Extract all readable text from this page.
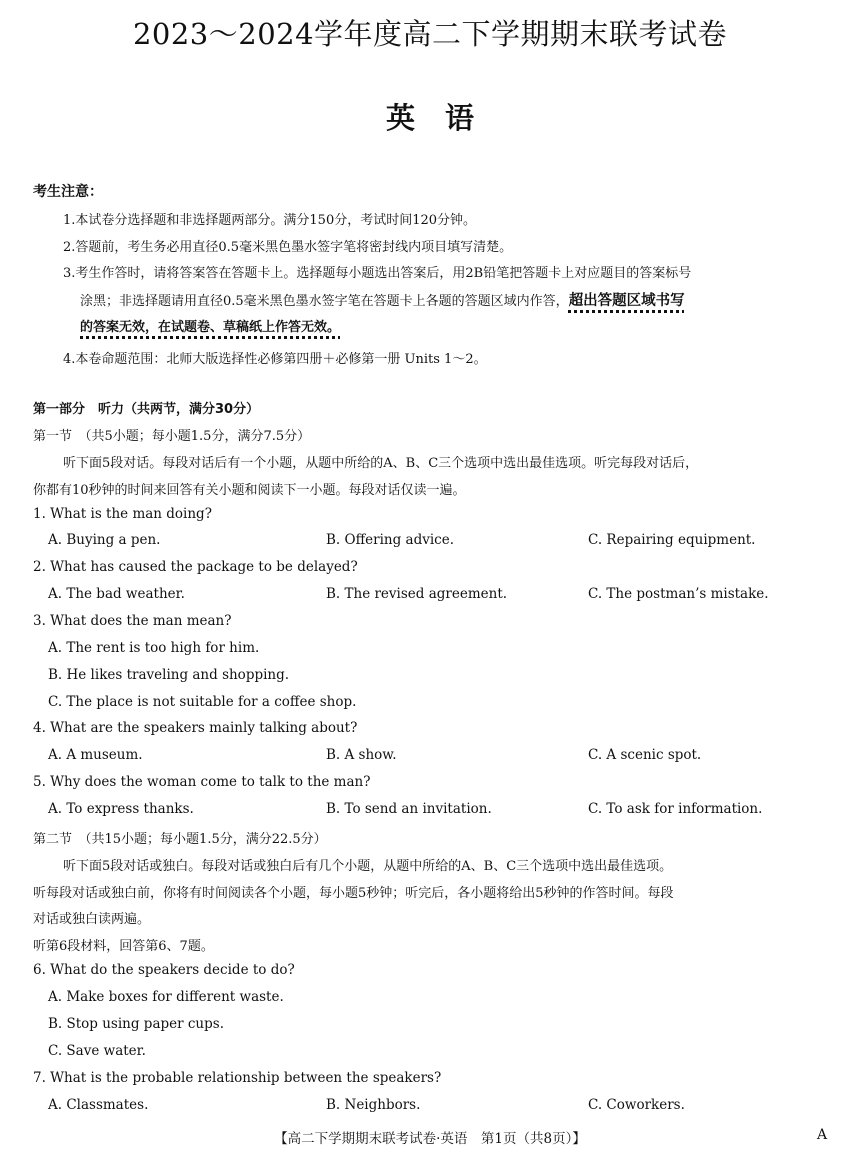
2023～2024学年度高二下学期期末联考试卷
英语
考生注意：
1.本试卷分选择题和非选择题两部分。满分150分，考试时间120分钟。
2.答题前，考生务必用直径0.5毫米黑色墨水签字笔将密封线内项目填写清楚。
3.考生作答时，请将答案答在答题卡上。选择题每小题选出答案后，用2B铅笔把答题卡上对应题目的答案标号
涂黑；非选择题请用直径0.5毫米黑色墨水签字笔在答题卡上各题的答题区域内作答，超出答题区域书写
的答案无效，在试题卷、草稿纸上作答无效。
4.本卷命题范围：北师大版选择性必修第四册＋必修第一册 Units 1～2。
第一部分　听力（共两节，满分30分）
第一节　（共5小题；每小题1.5分，满分7.5分）
听下面5段对话。每段对话后有一个小题，从题中所给的A、B、C三个选项中选出最佳选项。听完每段对话后，
你都有10秒钟的时间来回答有关小题和阅读下一小题。每段对话仅读一遍。
1. What is the man doing?
A. Buying a pen.	B. Offering advice.	C. Repairing equipment.
2. What has caused the package to be delayed?
A. The bad weather.	B. The revised agreement.	C. The postman’s mistake.
3. What does the man mean?
A. The rent is too high for him.
B. He likes traveling and shopping.
C. The place is not suitable for a coffee shop.
4. What are the speakers mainly talking about?
A. A museum.	B. A show.	C. A scenic spot.
5. Why does the woman come to talk to the man?
A. To express thanks.	B. To send an invitation.	C. To ask for information.
第二节　（共15小题；每小题1.5分，满分22.5分）
听下面5段对话或独白。每段对话或独白后有几个小题，从题中所给的A、B、C三个选项中选出最佳选项。
听每段对话或独白前，你将有时间阅读各个小题，每小题5秒钟；听完后，各小题将给出5秒钟的作答时间。每段
对话或独白读两遍。
听第6段材料，回答第6、7题。
6. What do the speakers decide to do?
A. Make boxes for different waste.
B. Stop using paper cups.
C. Save water.
7. What is the probable relationship between the speakers?
A. Classmates.	B. Neighbors.	C. Coworkers.
【高二下学期期末联考试卷·英语　第1页（共8页）】	A
